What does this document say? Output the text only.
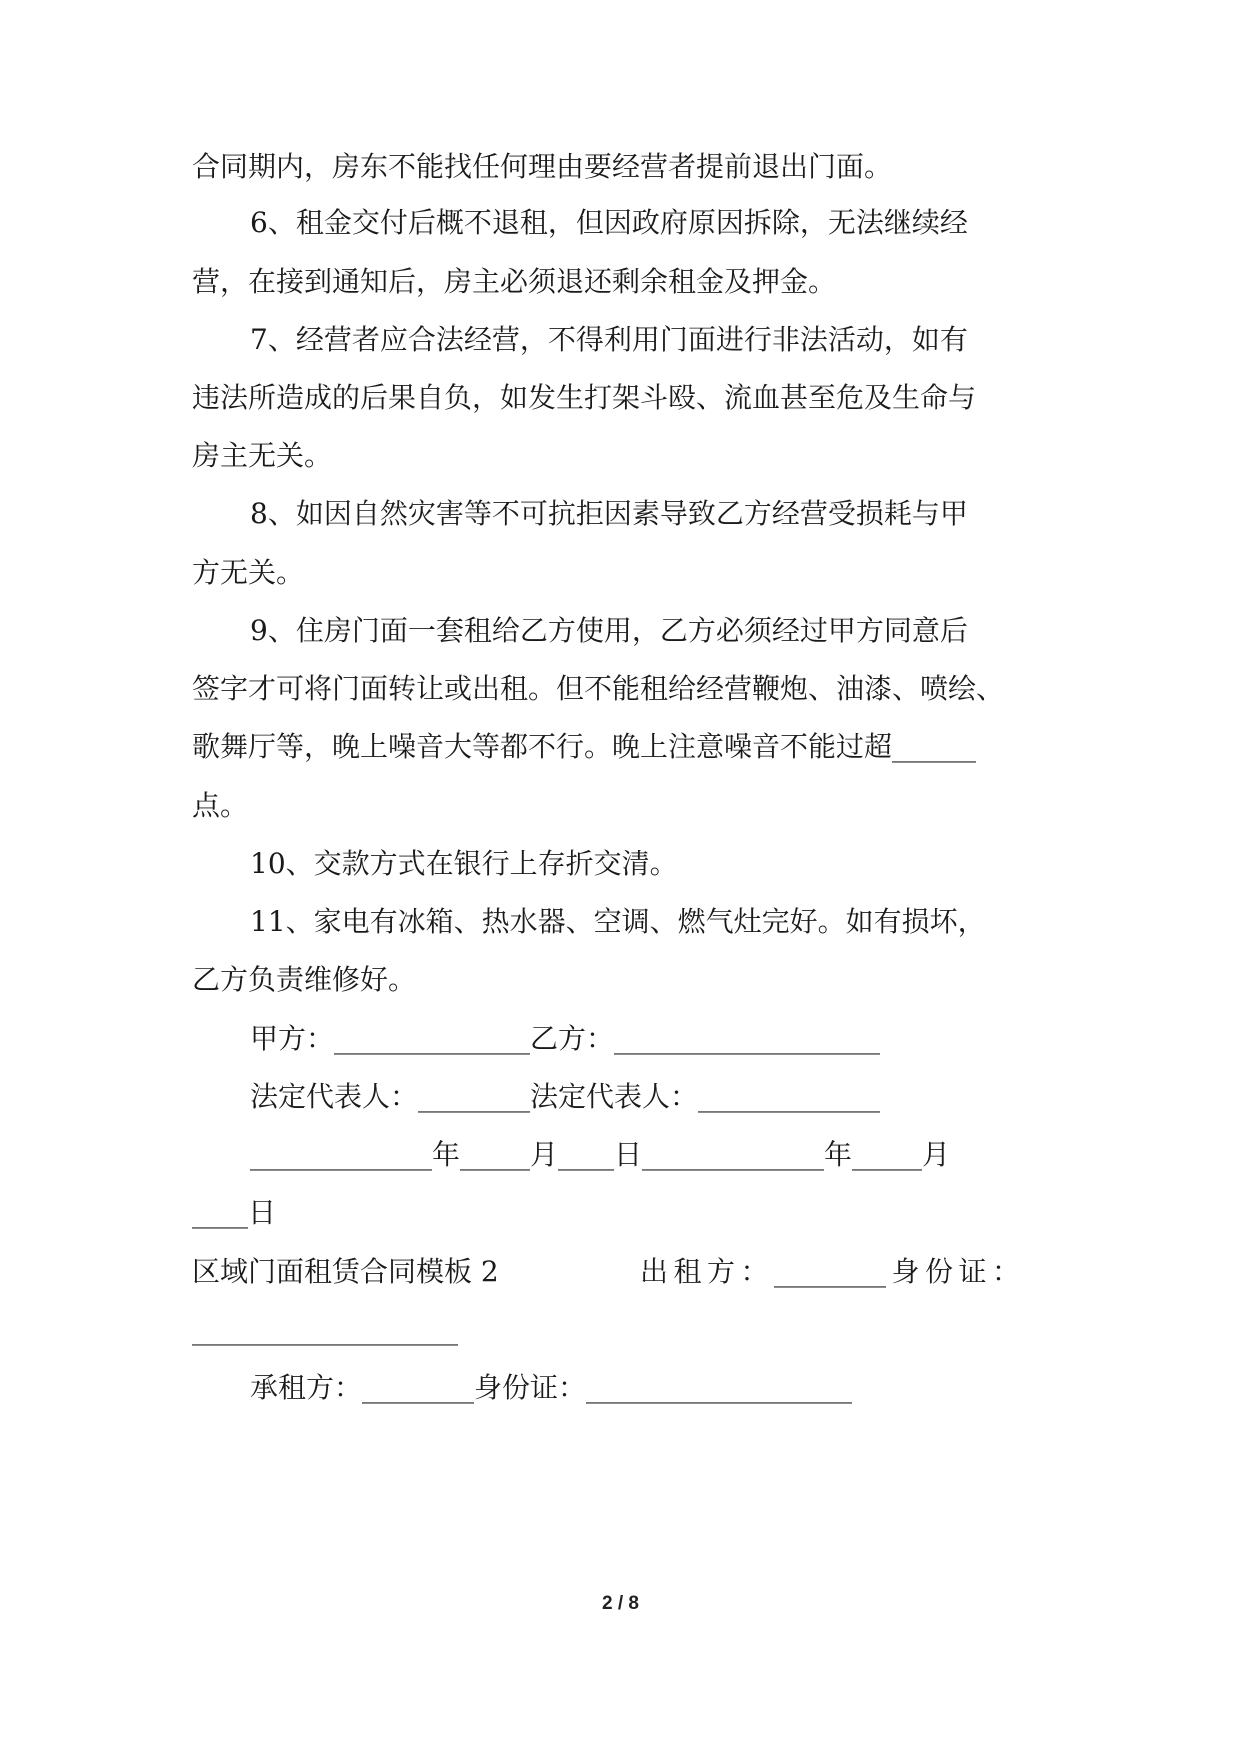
合同期内，房东不能找任何理由要经营者提前退出门面。
6、租金交付后概不退租，但因政府原因拆除，无法继续经
营，在接到通知后，房主必须退还剩余租金及押金。
7、经营者应合法经营，不得利用门面进行非法活动，如有
违法所造成的后果自负，如发生打架斗殴、流血甚至危及生命与
房主无关。
8、如因自然灾害等不可抗拒因素导致乙方经营受损耗与甲
方无关。
9、住房门面一套租给乙方使用，乙方必须经过甲方同意后
签字才可将门面转让或出租。但不能租给经营鞭炮、油漆、喷绘、
歌舞厅等，晚上噪音大等都不行。晚上注意噪音不能过超______
点。
10、交款方式在银行上存折交清。
11、家电有冰箱、热水器、空调、燃气灶完好。如有损坏，
乙方负责维修好。
甲方：______________乙方：___________________
法定代表人：________法定代表人：_____________
_____________年_____月____日_____________年_____月
____日
区域门面租赁合同模板 2	出租方：________身份证：
___________________
承租方：________身份证：___________________
2 / 8
